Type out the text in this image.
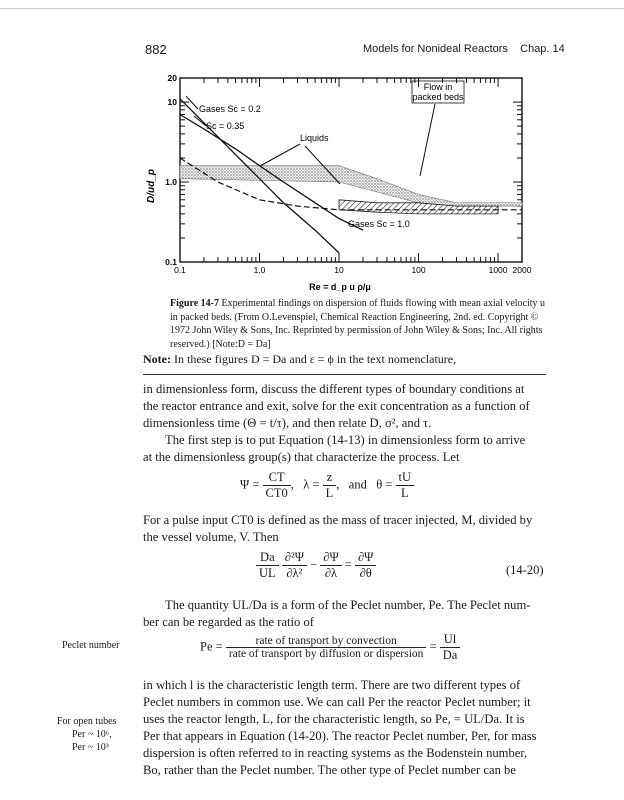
882	Models for Nonideal Reactors    Chap. 14
0.1	1.0	10	100	1000 2000
20
10
1.0
0.1
Gases Sc = 0.2
Sc = 0.35
Liquids
Flow in packed beds
Gases Sc = 1.0
D/ud_p
Re = d_p u ρ/μ
Figure 14-7 Experimental findings on dispersion of fluids flowing with mean axial velocity u in packed beds. (From O.Levenspiel, Chemical Reaction Engineering, 2nd. ed. Copyright © 1972 John Wiley & Sons, Inc. Reprinted by permission of John Wiley & Sons; Inc. All rights reserved.) [Note:D = Da]
Note: In these figures D = Da and ε = ϕ in the text nomenclature,
in dimensionless form, discuss the different types of boundary conditions at
the reactor entrance and exit, solve for the exit concentration as a function of
dimensionless time (Θ = t/τ), and then relate D, σ², and τ.
The first step is to put Equation (14-13) in dimensionless form to arrive
at the dimensionless group(s) that characterize the process. Let
$\Psi = \frac{CT}{CT0}$ ,   $\lambda = \frac{z}{L}$ ,   and $\theta = \frac{tU}{L}$
For a pulse input CT0 is defined as the mass of tracer injected, M, divided by
the vessel volume, V. Then
$\frac{Da}{UL}$
$\frac{\text{∂²Ψ}}{\text{∂λ²}} - \frac{\partial\Psi}{\partial\lambda} = \frac{\partial\Psi}{\partial\theta}$	(14-20)
The quantity UL/Da is a form of the Peclet number, Pe. The Peclet num-
ber can be regarded as the ratio of
Peclet number	$Pe = \frac{\text{rate of transport by convection}}{\text{rate of transport by diffusion or dispersion}} = \frac{Ul}{Da}$
in which l is the characteristic length term. There are two different types of
Peclet numbers in common use. We can call Per the reactor Peclet number; it
uses the reactor length, L, for the characteristic length, so Pe, = UL/Da. It is
Per that appears in Equation (14-20). The reactor Peclet number, Per, for mass
dispersion is often referred to in reacting systems as the Bodenstein number,
Bo, rather than the Peclet number. The other type of Peclet number can be
For open tubes
Per ~ 10⁶,
Per ~ 10³
